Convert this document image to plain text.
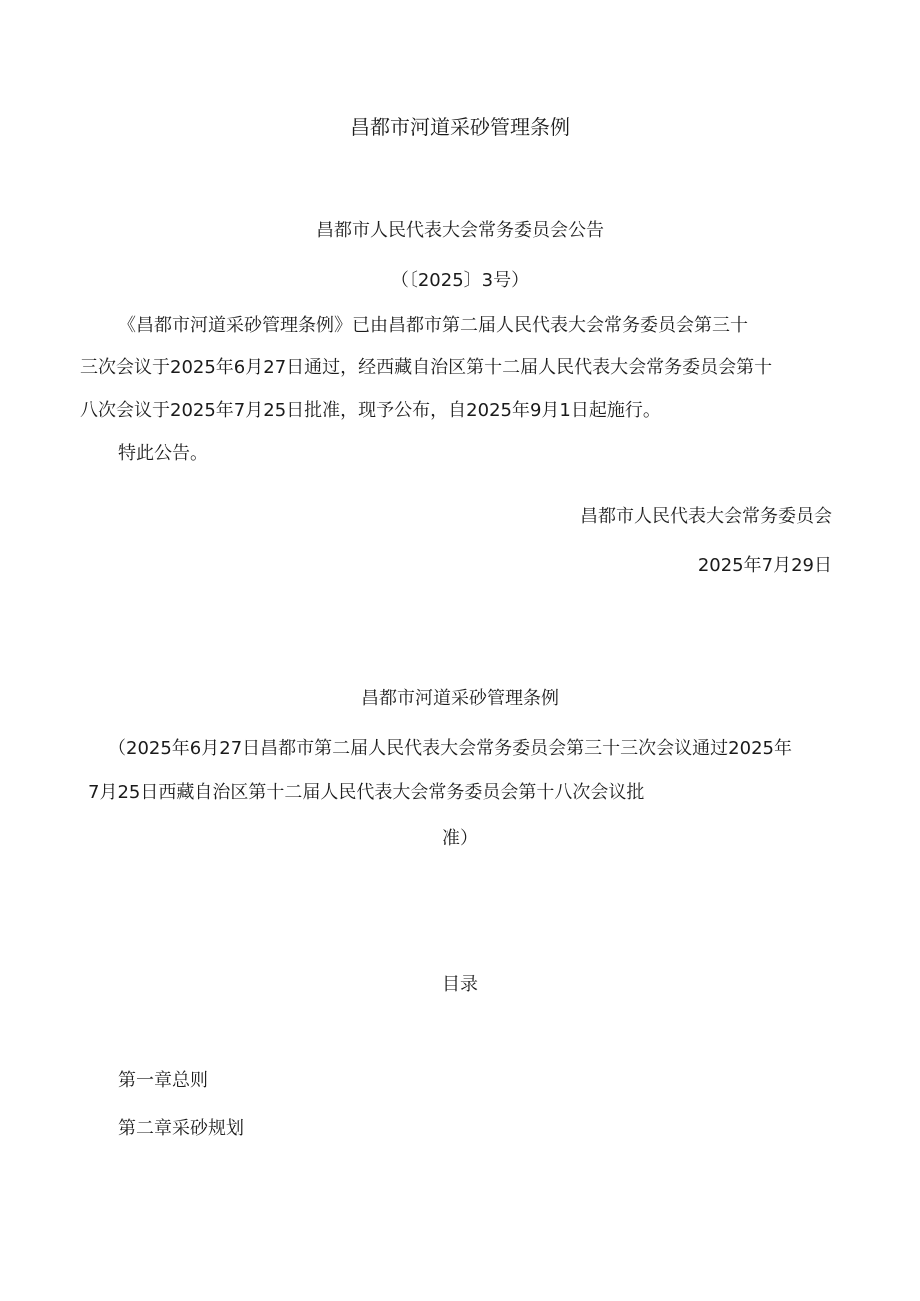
昌都市河道采砂管理条例
昌都市人民代表大会常务委员会公告
（〔2025〕3号）
《昌都市河道采砂管理条例》已由昌都市第二届人民代表大会常务委员会第三十
三次会议于2025年6月27日通过，经西藏自治区第十二届人民代表大会常务委员会第十
八次会议于2025年7月25日批准，现予公布，自2025年9月1日起施行。
特此公告。
昌都市人民代表大会常务委员会
2025年7月29日
昌都市河道采砂管理条例
（2025年6月27日昌都市第二届人民代表大会常务委员会第三十三次会议通过2025年
7月25日西藏自治区第十二届人民代表大会常务委员会第十八次会议批
准）
目录
第一章总则
第二章采砂规划
